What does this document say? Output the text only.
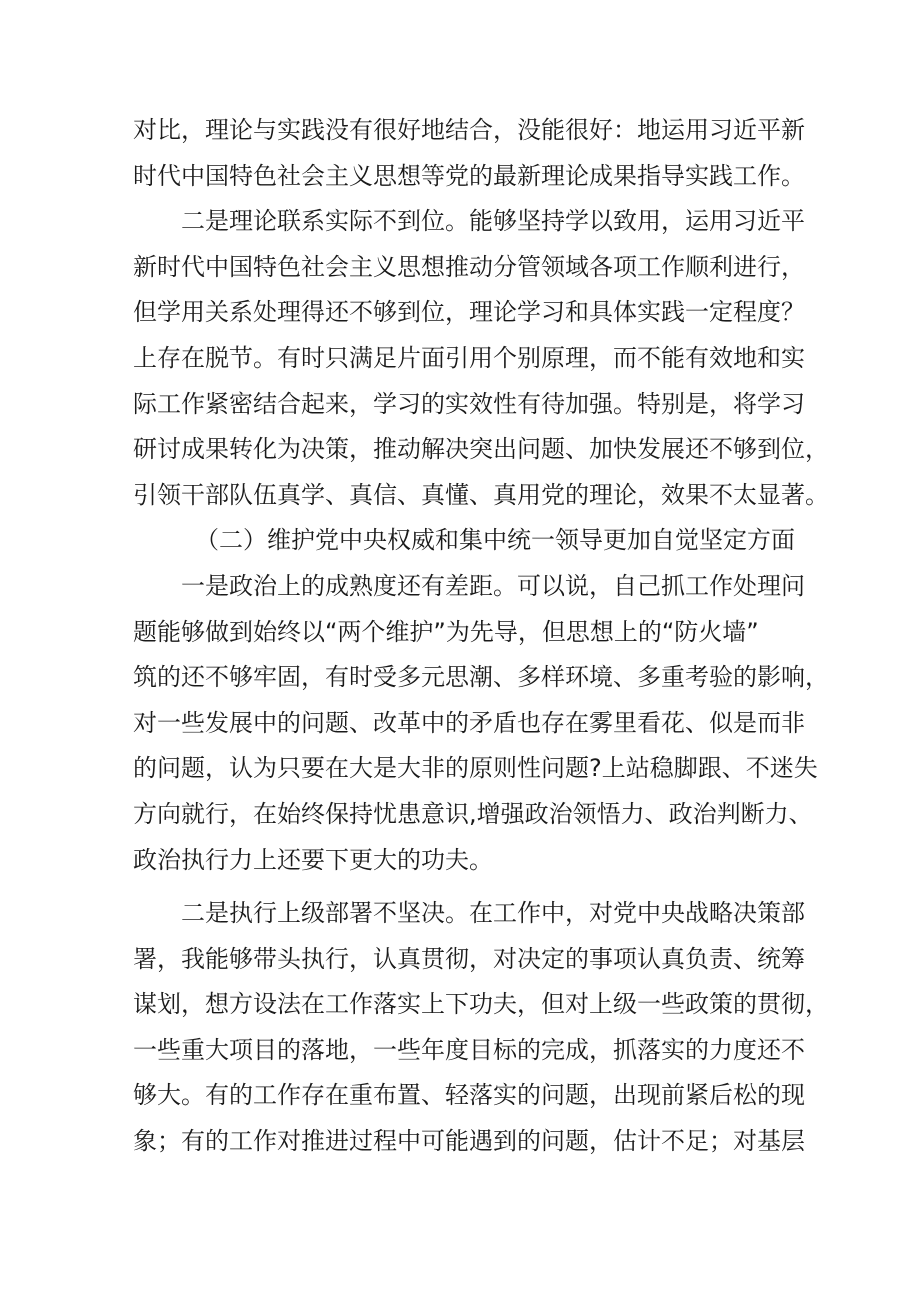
对比，理论与实践没有很好地结合，没能很好：地运用习近平新
时代中国特色社会主义思想等党的最新理论成果指导实践工作。
二是理论联系实际不到位。能够坚持学以致用，运用习近平
新时代中国特色社会主义思想推动分管领域各项工作顺利进行，
但学用关系处理得还不够到位，理论学习和具体实践一定程度？
上存在脱节。有时只满足片面引用个别原理，而不能有效地和实
际工作紧密结合起来，学习的实效性有待加强。特别是，将学习
研讨成果转化为决策，推动解决突出问题、加快发展还不够到位，
引领干部队伍真学、真信、真懂、真用党的理论，效果不太显著。
（二）维护党中央权威和集中统一领导更加自觉坚定方面
一是政治上的成熟度还有差距。可以说，自己抓工作处理问
题能够做到始终以“两个维护”为先导，但思想上的“防火墙”
筑的还不够牢固，有时受多元思潮、多样环境、多重考验的影响，
对一些发展中的问题、改革中的矛盾也存在雾里看花、似是而非
的问题，认为只要在大是大非的原则性问题?上站稳脚跟、不迷失
方向就行，在始终保持忧患意识,增强政治领悟力、政治判断力、
政治执行力上还要下更大的功夫。
二是执行上级部署不坚决。在工作中，对党中央战略决策部
署，我能够带头执行，认真贯彻，对决定的事项认真负责、统筹
谋划，想方设法在工作落实上下功夫，但对上级一些政策的贯彻，
一些重大项目的落地，一些年度目标的完成，抓落实的力度还不
够大。有的工作存在重布置、轻落实的问题，出现前紧后松的现
象；有的工作对推进过程中可能遇到的问题，估计不足；对基层
